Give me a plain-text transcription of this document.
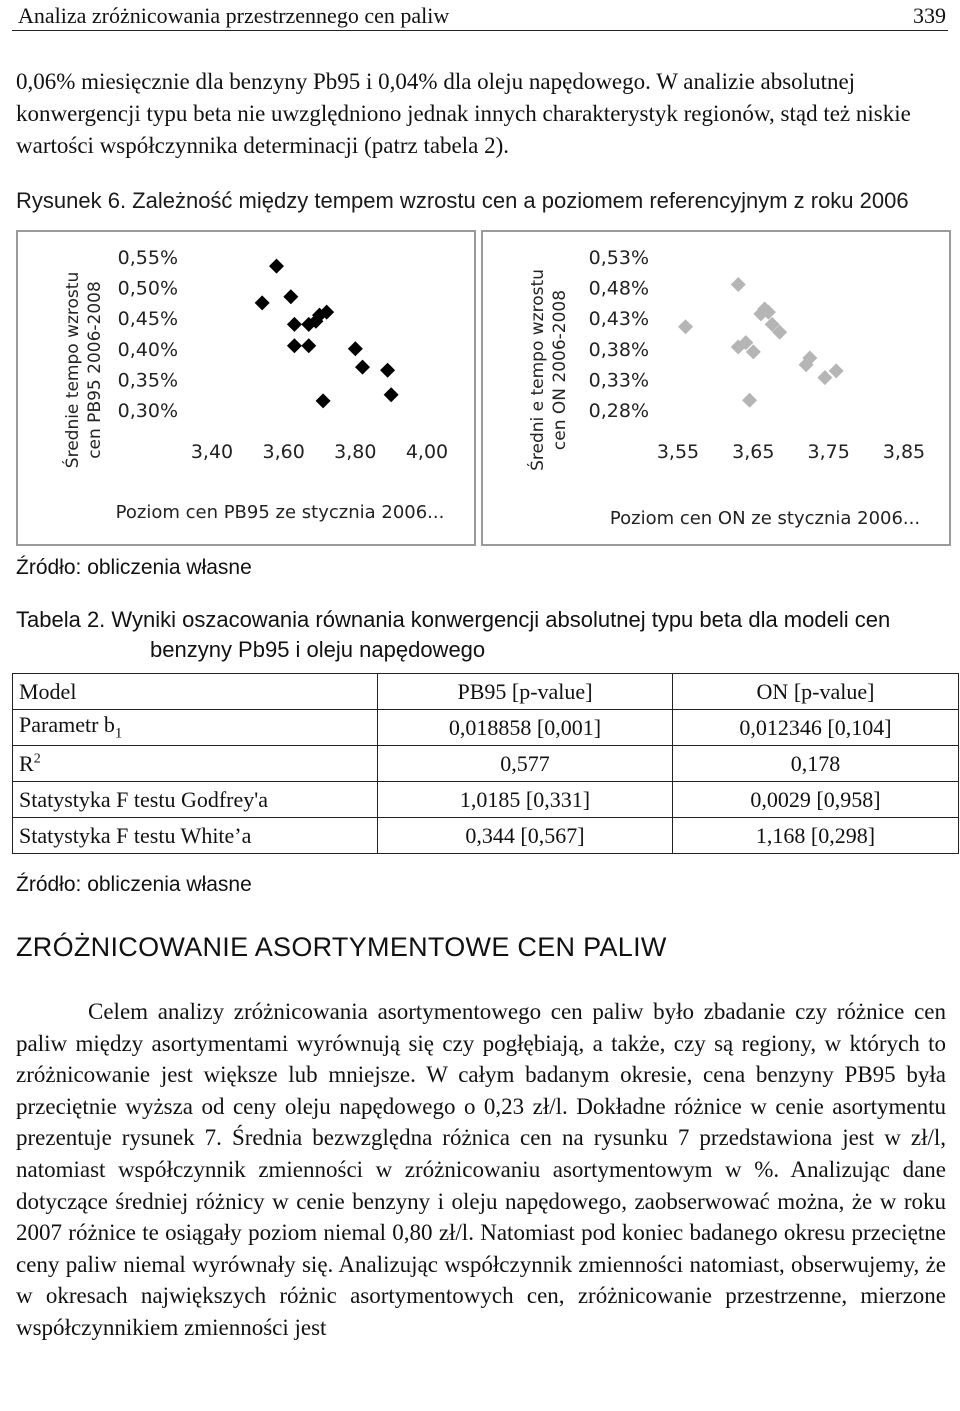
Analiza zróżnicowania przestrzennego cen paliw	339

0,06% miesięcznie dla benzyny Pb95 i 0,04% dla oleju napędowego. W analizie absolutnej konwergencji typu beta nie uwzględniono jednak innych charakterystyk regionów, stąd też niskie wartości współczynnika determinacji (patrz tabela 2).

Rysunek 6. Zależność między tempem wzrostu cen a poziomem referencyjnym z roku 2006
0,55%
0,50%
0,45%
0,40%
0,35%
0,30%
3,40 3,60 3,80 4,00
Średnie tempo wzrostu cen PB95 2006-2008
Poziom cen PB95 ze stycznia 2006...
0,53%
0,48%
0,43%
0,38%
0,33%
0,28%
3,55 3,65 3,75 3,85
Średni e tempo wzrostu cen ON 2006-2008
Poziom cen ON ze stycznia 2006...
Źródło: obliczenia własne
Tabela 2. Wyniki oszacowania równania konwergencji absolutnej typu beta dla modeli cen
benzyny Pb95 i oleju napędowego
Model	PB95 [p-value]	ON [p-value]
Parametr $b_1$	0,018858 [0,001]	0,012346 [0,104]
$R^2$	0,577	0,178
Statystyka F testu Godfrey'a	1,0185 [0,331]	0,0029 [0,958]
Statystyka F testu White’a	0,344 [0,567]	1,168 [0,298]
Źródło: obliczenia własne
ZRÓŻNICOWANIE ASORTYMENTOWE CEN PALIW

Celem analizy zróżnicowania asortymentowego cen paliw było zbadanie czy różnice cen paliw między asortymentami wyrównują się czy pogłębiają, a także, czy są regiony, w których to zróżnicowanie jest większe lub mniejsze. W całym badanym okresie, cena benzyny PB95 była przeciętnie wyższa od ceny oleju napędowego o 0,23 zł/l. Dokładne różnice w cenie asortymentu prezentuje rysunek 7. Średnia bezwzględna różnica cen na rysunku 7 przedstawiona jest w zł/l, natomiast współczynnik zmienności w zróżnicowaniu asortymentowym w %. Analizując dane dotyczące średniej różnicy w cenie benzyny i oleju napędowego, zaobserwować można, że w roku 2007 różnice te osiągały poziom niemal 0,80 zł/l. Natomiast pod koniec badanego okresu przeciętne ceny paliw niemal wyrównały się. Analizując współczynnik zmienności natomiast, obserwujemy, że w okresach największych różnic asortymentowych cen, zróżnicowanie przestrzenne, mierzone współczynnikiem zmienności jest
